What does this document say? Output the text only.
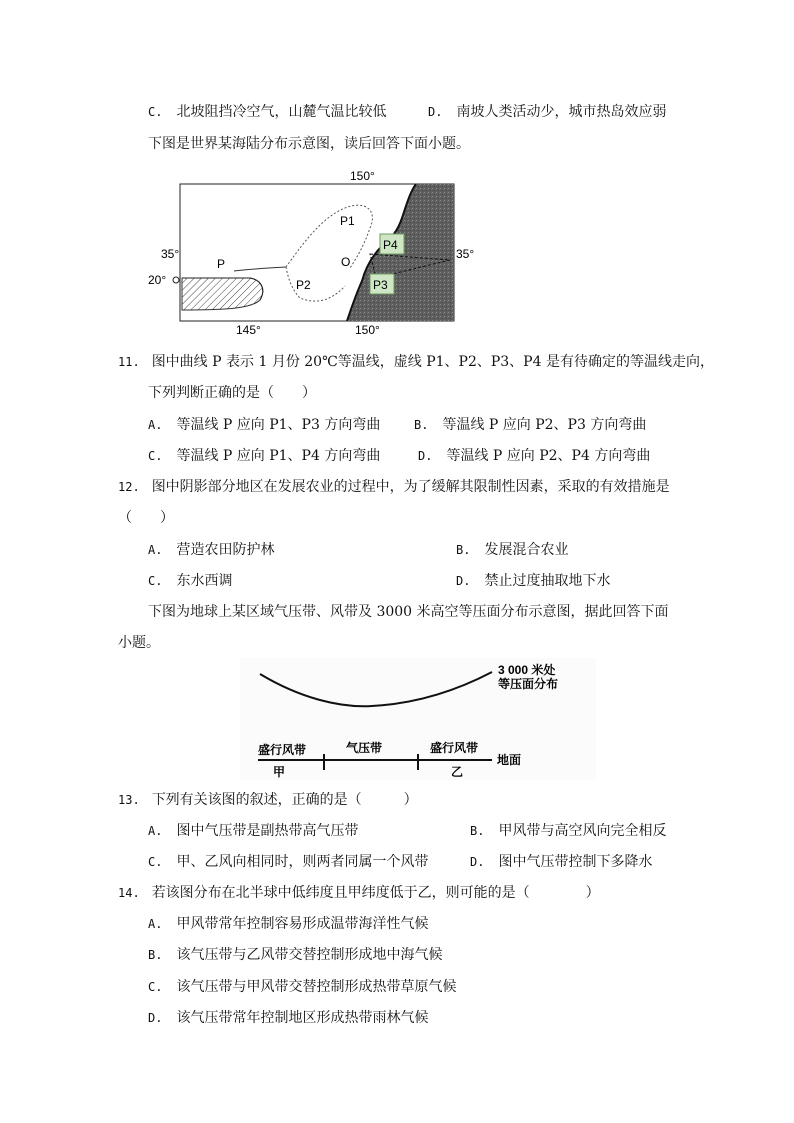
C. 北坡阻挡冷空气，山麓气温比较低	D. 南坡人类活动少，城市热岛效应弱
下图是世界某海陆分布示意图，读后回答下面小题。
150°
35°	35°
20°
145°	150°
P
P1
P2
O
P4
P3
11. 图中曲线 P 表示 1 月份 20℃等温线，虚线 P1、P2、P3、P4 是有待确定的等温线走向，
下列判断正确的是（　　）
A. 等温线 P 应向 P1、P3 方向弯曲	B. 等温线 P 应向 P2、P3 方向弯曲
C. 等温线 P 应向 P1、P4 方向弯曲	D. 等温线 P 应向 P2、P4 方向弯曲
12. 图中阴影部分地区在发展农业的过程中，为了缓解其限制性因素，采取的有效措施是
（　　）
A. 营造农田防护林	B. 发展混合农业
C. 东水西调	D. 禁止过度抽取地下水
下图为地球上某区域气压带、风带及 3000 米高空等压面分布示意图，据此回答下面
小题。
3 000 米处
等压面分布
盛行风带	气压带	盛行风带
地面
甲	乙
13. 下列有关该图的叙述，正确的是（　　　）
A. 图中气压带是副热带高气压带	B. 甲风带与高空风向完全相反
C. 甲、乙风向相同时，则两者同属一个风带	D. 图中气压带控制下多降水
14. 若该图分布在北半球中低纬度且甲纬度低于乙，则可能的是（　　　　）
A. 甲风带常年控制容易形成温带海洋性气候
B. 该气压带与乙风带交替控制形成地中海气候
C. 该气压带与甲风带交替控制形成热带草原气候
D. 该气压带常年控制地区形成热带雨林气候
